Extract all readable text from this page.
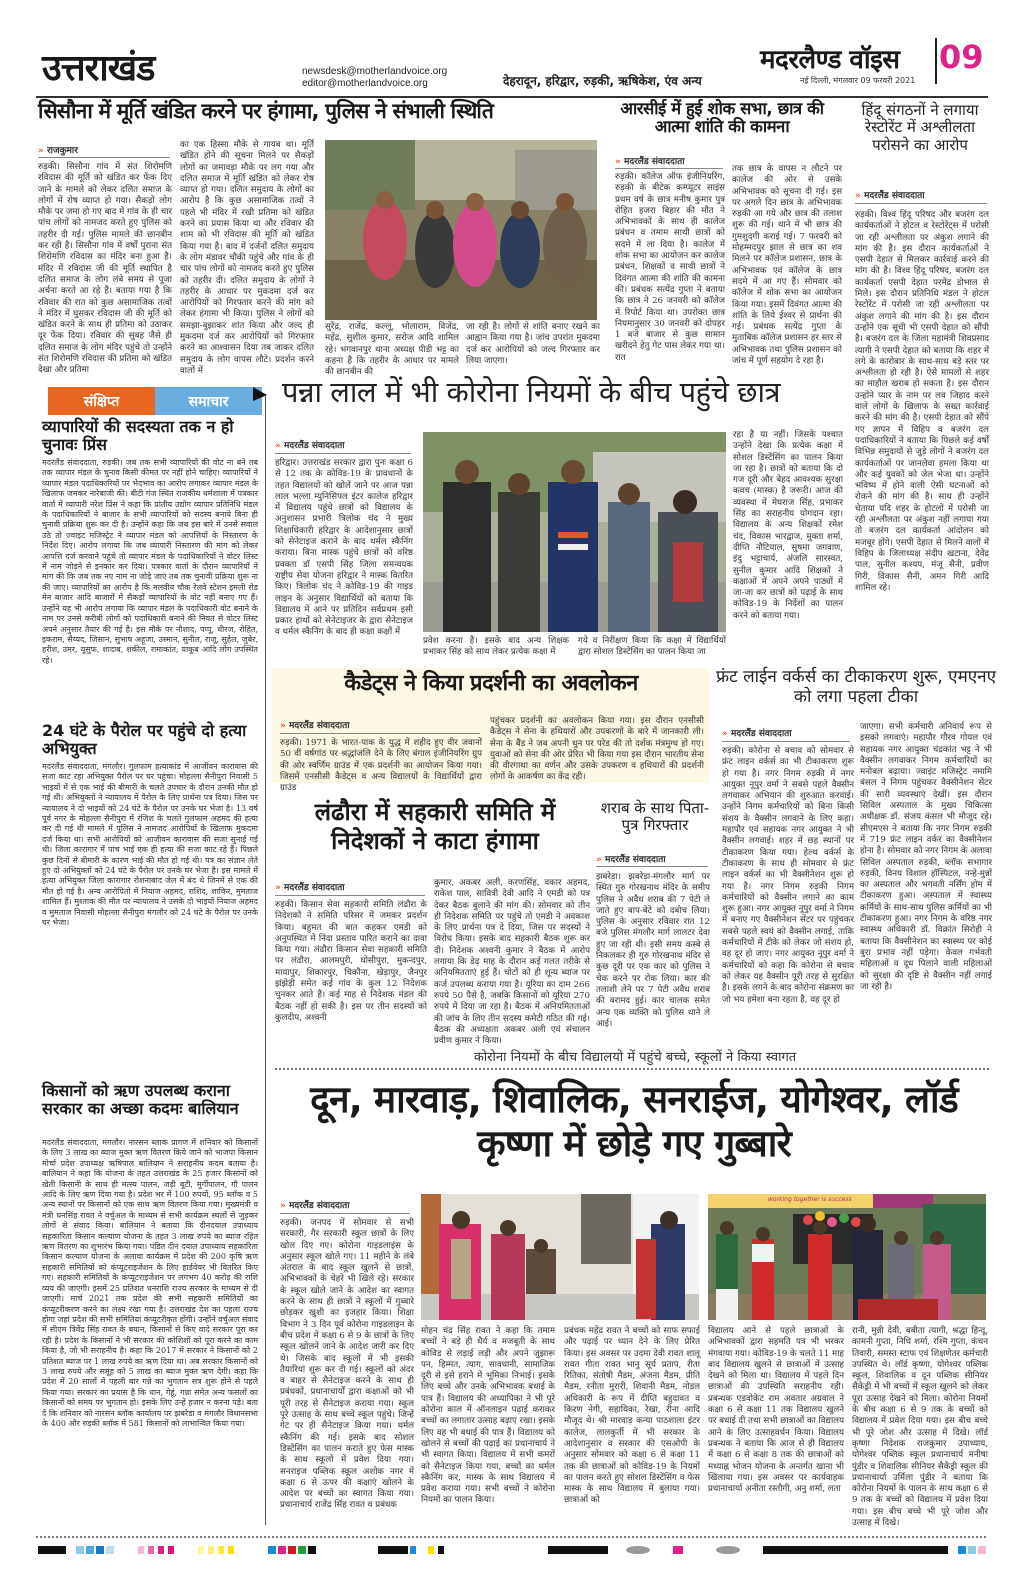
उत्तराखंड	newsdesk@motherlandvoice.org
editor@motherlandvoice.org	देहरादून, हरिद्वार, रुड़की, ऋषिकेश, एंव अन्य
मदरलैण्ड वॉइस
नई दिल्ली, मंगलवार 09 फरवरी 2021
09
सिसौना में मूर्ति खंडित करने पर हंगामा, पुलिस ने संभाली स्थिति
» राजकुमार
रुड़की। सिसौना गांव में संत शिरोमणि रविदास की मूर्ति को खंडित कर फेंक दिए जाने के मामले को लेकर दलित समाज के लोगों में रोष व्याप्त हो गया। सैकड़ों लोग मौके पर जमा हो गए बाद में गांव के ही चार पांच लोगों को नामजद करते हुए पुलिस को तहरीर दी गई। पुलिस मामले की छानबीन कर रही है। सिसौना गांव में वर्षों पुराना संत शिरोमणि रविदास का मंदिर बना हुआ है। मंदिर में रविदास जी की मूर्ति स्थापित है दलित समाज के लोग लंबे समय से पूजा अर्चना करते आ रहे हैं। बताया गया है कि रविवार की रात को कुछ असामाजिक तत्वों ने मंदिर में घुसकर रविदास जी की मूर्ति को खंडित करने के साथ ही प्रतिमा को उठाकर दूर फेंक दिया। रविवार की सुबह जैसे ही दलित समाज के लोग मंदिर पहुंचे तो उन्होंने संत शिरोमणि रविदास की प्रतिमा को खंडित देखा और प्रतिमा
का एक हिस्सा मौके से गायब था। मूर्ति खंडित होने की सूचना मिलने पर सैकड़ों लोगों का जमावड़ा मौके पर लग गया और दलित समाज में मूर्ति खंडित को लेकर रोष व्याप्त हो गया। दलित समुदाय के लोगों का आरोप है कि कुछ असामाजिक तत्वों ने पहले भी मंदिर में रखी प्रतिमा को खंडित करने का प्रयास किया था और रविवार की शाम को भी रविदास की मूर्ति को खंडित किया गया है। बाद में दर्जनों दलित समुदाय के लोग मंडावर चौकी पहुंचे और गांव के ही चार पांच लोगों को नामजद करते हुए पुलिस को तहरीर दी। दलित समुदाय के लोगों ने तहरीर के आधार पर मुकदमा दर्ज कर आरोपियों को गिरफ्तार करने की मांग को लेकर हंगामा भी किया। पुलिस ने लोगों को समझा-बुझाकर शांत किया और जल्द ही मुकदमा दर्ज कर आरोपियों को गिरफ्तार करने का आश्वासन दिया तब जाकर दलित समुदाय के लोग वापस लौटे। प्रदर्शन करने वालों में
सुरेंद्र, राजेंद्र, कल्लू, भोलाराम, विजेंद्र, महेंद्र, सुशील कुमार, सरोज आदि शामिल रहे। भगवानपुर थाना अध्यक्ष पीडी भट्ट का कहना है कि तहरीर के आधार पर मामले की छानबीन की
जा रही है। लोगों से शांति बनाए रखने का आह्वान किया गया है। जांच उपरांत मुकदमा दर्ज कर आरोपियों को जल्द गिरफ्तार कर लिया जाएगा।
आरसीई में हुई शोक सभा, छात्र की आत्मा शांति की कामना
» मदरलैंड संवाददाता
रुड़की। कॉलेज ऑफ इंजीनियरिंग, रुड़की के बीटेक कम्प्यूटर साइंस प्रथम वर्ष के छात्र मनीष कुमार पुत्र रोहित हजरा बिहार की मौत ने अभिभावकों के साथ ही कालेज प्रबंधन व तमाम साथी छात्रों को सदमे में ला दिया है। कालेज में शोक सभा का आयोजन कर कालेज प्रबंधन, शिक्षकों व साथी छात्रों ने दिवंगत आत्मा की शांति की कामना की। प्रबंधक सत्येंद्र गुप्ता ने बताया कि छात्र ने 26 जनवरी को कॉलेज में रिपोर्ट किया था। उपरोक्त छात्र नियमानुसार 30 जनवरी को दोपहर 1 बजे बाजार से कुछ सामान खरीदने हेतु गेट पास लेकर गया था। रात
तक छात्र के वापस न लौटने पर कालेज की ओर से उसके अभिभावक को सूचना दी गई। इस पर अगले दिन छात्र के अभिभावक रुड़की आ गये और छात्र की तलाश शुरू की गई। थाने में भी छात्र की गुमशुदगी कराई गई। 7 फरवरी को मोहम्मदपुर झाल से छात्र का शव मिलने पर कॉलेज प्रशासन, छात्र के अभिभावक एवं कॉलेज के छात्र सदमे में आ गए हैं। सोमवार को कॉलेज में शोक सभा का आयोजन किया गया। इसमें दिवंगत आत्मा की शांति के लिये ईश्वर से प्रार्थना की गई। प्रबंधक सत्येंद्र गुप्ता के मुताबिक कॉलेज प्रशासन हर स्तर से अभिभावक तथा पुलिस प्रशासन को जांच में पूर्ण सहयोग दे रहा है।
हिंदू संगठनों ने लगाया रेस्टोरेंट में अश्लीलता परोसने का आरोप
» मदरलैंड संवाददाता
रुड़की। विश्व हिंदू परिषद और बजरंग दल कार्यकर्ताओं ने होटल व रेस्टोरेंट्स में परोसी जा रही अश्लीलता पर अंकुश लगाने की मांग की है। इस दौरान कार्यकर्ताओं ने एसपी देहात से मिलकर कार्रवाई करने की मांग की है। विश्व हिंदू परिषद, बजरंग दल कार्यकर्ता एसपी देहात परमेंद्र डोभाल से मिले। इस दौरान प्रतिनिधि मंडल ने होटल रेस्टोरेंट में परोसी जा रही अश्लीलता पर अंकुश लगाने की मांग की है। इस दौरान उन्होंने एक सूची भी एसपी देहात को सौंपी है। बजरंग दल के जिला महामंत्री शिवप्रसाद त्यागी ने एसपी देहात को बताया कि शहर में लगे के कारोबार के साथ-साथ बड़े स्तर पर अश्लीलता हो रही है। ऐसे मामलों से शहर का माहौल खराब हो सकता है। इस दौरान उन्होंने प्यार के नाम पर लव जिहाद करने वाले लोगों के खिलाफ के सख्त कार्रवाई करने की मांग की है। एसपी देहात को सौंपे गए ज्ञापन में विहिप व बजरंग दल पदाधिकारियों ने बताया कि पिछले कई वर्षों विभिन्न समुदायों से जुड़े लोगों ने बजरंग दल कार्यकर्ताओं पर जानलेवा हमला किया था और कई युवकों को जेल भेजा था। उन्होंने भविष्य में होने वाली ऐसी घटनाओं को रोकने की मांग की है। साथ ही उन्होंने चेताया यदि शहर के होटलों में परोसी जा रही अश्लीलता पर अंकुश नहीं लगाया गया तो बजरंग दल कार्यकर्ता आंदोलन को मजबूर होंगे। एसपी देहात से मिलने वालों में विहिप के जिलाध्यक्ष संदीप खटाना, देवेंद्र पाल, सुनील कश्यप, मंजू सैनी, प्रवीण गिरी, विकास सैनी, अमन गिरी आदि शामिल रहे।
संक्षिप्त	समाचार
व्यापारियों की सदस्यता तक न हो चुनावः प्रिंस
मदरलैंड संवाददाता, रुड़की। जब तक सभी व्यापारियों की वोट ना बने तब तक व्यापार मंडल के चुनाव किसी कीमत पर नहीं होने चाहिए। व्यापारियों ने व्यापार मंडल पदाधिकारियों पर भेदभाव का आरोप लगाकर व्यापार मंडल के खिलाफ जमकर नारेबाजी की। बीटी गंज स्थित राजकीय धर्मशाला में पत्रकार वार्ता में व्यापारी नरेश प्रिंस ने कहा कि प्रांतीय उद्योग व्यापार प्रतिनिधि मंडल के पदाधिकारियों ने बाजार के सभी व्यापारियों को सदस्य बनाये बिना ही चुनावी प्रक्रिया शुरू कर दी है। उन्होंने कहा कि जब इस बारे में उनसे सवाल उठे तो ज्वाइंट मजिस्ट्रेट ने व्यापार मंडल को आपत्तियों के निस्तारण के निर्देश दिए। आरोप लगाया कि जब व्यापारी निस्तारण की मांग को लेकर आपत्ति दर्ज करवाने पहुंचे तो व्यापार मंडल के पदाधिकारियों ने वोटर लिस्ट में नाम जोड़ने से इनकार कर दिया। पत्रकार वार्ता के दौरान व्यापारियों ने मांग की कि जब तक नए नाम ना जोड़े जाएं तब तक चुनावी प्रक्रिया शुरू ना की जाए। व्यापारियों का आरोप है कि मलवीय चौक रेलवे स्टेशन इमली रोड मेन बाजार आदि बाजारों में सैकड़ों व्यापारियों के वोट नहीं बनाए गए हैं। उन्होंने यह भी आरोप लगाया कि व्यापार मंडल के पदाधिकारी वोट बनाने के नाम पर उनसे करीबी लोगों को पदाधिकारी बनाने की नियत से वोटर लिस्ट अपने अनुसार तैयार की गई है। इस मौके पर नौशाद, पप्पू, धीरज, रोहित, इकराम, सैय्यद, जिसान, सुभाष अहूजा, उस्मान, सुनील, राजू, सुहेल, जुबेर, हरीश, उमर, यूसुफ, शादाब, शकील, रामाकांत, याकूब आदि लोग उपस्थित रहे।
24 घंटे के पैरोल पर पहुंचे दो हत्या अभियुक्त
मदरलैंड संवाददाता, मंगलौर। गुलफाम हत्याकांड में आजीवन कारावास की सजा काट रहा अभियुक्त पैरोल पर घर पहुंचा। मोहल्ला सैनीपुरा निवासी 5 भाइयों में से एक भाई की बीमारी के चलते उपचार के दौरान उनकी मौत हो गई थी। अभियुक्तों ने न्यायालय में पैरोल के लिए प्रार्थना पत्र दिया। जिस पर न्यायालय ने दो भाइयों को 24 घंटे के पैरोल पर उनके घर भेजा है। 13 वर्ष पूर्व नगर के मोहल्ला सैनीपुरा में रंजिश के चलते गुलफाम अहमद की हत्या कर दी गई थी मामले में पुलिस ने नामजद आरोपियों के खिलाफ मुकदमा दर्ज किया था। सभी आरोपियों को आजीवन कारावास की सजा सुनाई गई थी। जिला कारागार में पांच भाई एक ही हत्या की सजा काट रहे हैं। पिछले कुछ दिनों से बीमारी के कारण भाई की मौत हो गई थी। पत्र का संज्ञान लेते हुए दो अभियुक्तों को 24 घंटे के पैरोल पर उनके घर भेजा है। इस मामले में हत्या अभियुक्त जिला कारागार रोशनाबाद जेल में बंद थे जिनमें से एक की मौत हो गई है। अन्य आरोपितो में नियाज अहमद, राशिद, शाकिर, मुमताज शामिल हैं। मुश्ताक की मौत पर न्यायालय ने उसके दो भाइयों नियाज अहमद व मुमताज निवासी मोहल्ला सैनीपुरा मंगलौर को 24 घंटे के पैरोल पर उनके घर भेजा।
किसानों को ऋण उपलब्ध कराना सरकार का अच्छा कदमः बालियान
मदरलैंड संवाददाता, मंगलौर। नारसन ब्लाक प्रागण में शनिवार को किसानों के लिए 3 लाख का ब्याज मुक्त ऋण वितरण किये जाने को भाजपा किसान मोर्चा प्रदेश उपाध्यक्ष ऋषिपाल बालियान ने सराहनीय कदम बताया है। बालियान ने कहा कि योजना के तहत उत्तराखंड के 25 हजार किसानों को खेती किसानी के साथ ही मत्स्य पालन, जड़ी बूटी, मुर्गीपालन, गौ पालन आदि के लिए ऋण दिया गया है। प्रदेश भर में 100 रुपयों, 95 ब्लॉक व 5 अन्य स्थानों पर किसानों को एक साथ ऋण वितरण किया गया। मुख्यमंत्री व मंत्री धनसिंह रावत ने वर्चुअल के माध्यम से सभी कार्यक्रम स्थलों से जुड़कर लोगों से संवाद किया। बालियान ने बताया कि दीनदयाल उपाध्याय सहकारिता किसान कल्याण योजना के तहत 3 लाख रुपये का ब्याज रहित ऋण वितरण का शुभारंभ किया गया। पंडित दीन दयाल उपाध्याय सहकारिता किसान कल्याण योजना के अलावा कार्यक्रम में प्रदेश की 200 कृषि ऋण सहकारी समितियों को कंप्यूटराइजेशन के लिए हार्डवेयर भी वितरित किए गए। सहकारी समितियों के कंप्यूटराइजेशन पर लगभग 40 करोड़ की राशि व्यय की जाएगी। इसमें 25 प्रतिशत धनराशि राज्य सरकार के माध्यम से दी जाएगी। मार्च 2021 तक प्रदेश की सभी सहकारी समितियों का कंप्यूटरीकरण करने का लक्ष्य रखा गया है। उत्तराखंड देश का पहला राज्य होगा जहां प्रदेश की सभी समितियां कंप्यूटरीकृत होंगी। उन्होंने वर्चुअल संवाद में सीएम त्रिवेंद्र सिंह रावत के बयान, किसानों से किए वादे सरकार पूरा कर रही है। प्रदेश के किसानों ने भी सरकार की कोशिशों को पूरा करने का काम किया है, जो भी सराहनीय है। कहा कि 2017 में सरकार ने किसानों को 2 प्रतिशत ब्याज पर 1 लाख रुपये का ऋण दिया था। अब सरकार किसानों को 3 लाख रुपये और समूह को 5 लाख का ब्याज मुक्त ऋण देगी। कहा कि प्रदेश में 20 सालों में पहली बार गन्ने का भुगतान सत्र शुरू होने से पहले किया गया। सरकार का प्रयास है कि धान, गेहूं, गन्ना समेत अन्य फसलों का किसानों को समय पर भुगतान हो। इसके लिए उन्हें हजार न करना पड़े। बता दें कि शनिवार को नारसन ब्लॉक कार्यालय पर झबरेडा व मंगलौर विधानसभा के 400 और रुड़की ब्लॉक में 581 किसानों को लाभान्वित किया गया।
पन्ना लाल में भी कोरोना नियमों के बीच पहुंचे छात्र
» मदरलैंड संवाददाता
हरिद्वार। उत्तराखंड सरकार द्वारा पुनः कक्षा 6 से 12 तक के कोविड-19 के प्रावधानों के तहत विद्यालयों को खोलें जाने पर आज पन्ना लाल भल्ला म्युनिसिपल इंटर कालेज हरिद्वार में विद्यालय पहुंचे छात्रों को विद्यालय के अनुशासन प्रभारी त्रिलोक चंद ने मुख्य शिक्षाधिकारी हरिद्वार के आदेशानुसार छात्रों को सेनेटाइज कराने के बाद थर्मल स्कैनिंग कराया। बिना मास्क पहुंचे छात्रों को वरिष्ठ प्रवक्ता डॉ एसपी सिंह जिला समन्वयक राष्ट्रीय सेवा योजना हरिद्वार ने मास्क वितरित किए। त्रिलोक चंद ने कोविड-19 की गाइड लाइन के अनुसार विद्यार्थियों को बताया कि विद्यालय में आने पर प्रतिदिन सर्वप्रथम इसी प्रकार हाथों को सेनेटाइजर के द्वारा सेनेटाइज व थर्मल स्कैनिंग के बाद ही कक्षा कक्षों में
प्रवेश करना है। इसके बाद अन्य शिक्षक प्रभाकर सिंह को साथ लेकर प्रत्येक कक्षा में
गये व निरीक्षण किया कि कक्षा में विद्यार्थियों द्वारा सोशल डिस्टेंसिंग का पालन किया जा
रहा है या नहीं। जिसके पश्चात उन्होंने देखा कि प्रत्येक कक्षा में सोशल डिस्टेंसिंग का पालन किया जा रहा है। छात्रों को बताया कि दो गज दूरी और बेहद आवश्यक सुरक्षा कवच (मास्क) है जरूरी। आज की व्यवस्था में मेघराज सिंह, प्रभाकर सिंह का सराहनीय योगदान रहा। विद्यालय के अन्य शिक्षकों रमेश चंद, विकास भारद्वाज, मुक्ता शर्मा, दीप्ति नौटियाल, सुषमा जगवाण, इंदु भट्टाचार्य, अंजलि सारस्वत, सुनील कुमार आदि शिक्षकों ने कक्षाओं में अपने अपने पाठ्यों में जा-जा कर छात्रों को पढ़ाई के साथ कोविड-19 के निर्देशों का पालन करने को बताया गया।
कैडेट्स ने किया प्रदर्शनी का अवलोकन
» मदरलैंड संवाददाता
रुड़की। 1971 के भारत-पाक के युद्ध में शहीद हुए वीर जवानों 50 वीं वर्षगांठ पर श्रद्धांजलि देने के लिए बंगाल इंजीनियरिंग ग्रुप की ओर स्वर्णिम ग्राउंड में एक प्रदर्शनी का आयोजन किया गया। जिसमें एनसीसी कैडेट्स व अन्य विद्यालयों के विद्यार्थियों द्वारा ग्राउंड
पहुंचकर प्रदर्शनी का अवलोकन किया गया। इस दौरान एनसीसी कैडेट्स ने सेना के हथियारों और उपकरणों के बारे में जानकारी ली। सेना के बैंड ने जब अपनी धुन पर परेड की तो दर्शक मंत्रमुग्ध हो गए। युवाओं को सेना की ओर प्रेरित भी किया गया इस दौरान भारतीय सेना की वीरगाथा का वर्णन और उसके उपकरण व हथियारों की प्रदर्शनी लोगों के आकर्षण का केंद्र रही।
फ्रंट लाईन वर्कर्स का टीकाकरण शुरू, एमएनए को लगा पहला टीका
» मदरलैंड संवाददाता
रुड़की। कोरोना से बचाव को सोमवार से फ्रंट लाइन वर्कर्स का भी टीकाकरण शुरू हो गया है। नगर निगम रुड़की में नगर आयुक्त नूपुर वर्मा ने सबसे पहले वैक्सीन लगवाकर अभियान की शुरुआत करवाई। उन्होंने निगम कर्मचारियों को बिना किसी संशय के वैक्सीन लगवाने के लिए कहा। महापौर एवं सहायक नगर आयुक्त ने भी वैक्सीन लगवाई। शहर में छह स्थानों पर टीकाकरण किया गया। हेल्थ वर्कर्स के टीकाकरण के साथ ही सोमवार से फ्रंट लाइन वर्कर्स का भी वैक्सीनेशन शुरू हो गया है। नगर निगम रुड़की निगम कर्मचारियों को वैक्सीन लगाने का काम शुरू हुआ। नगर आयुक्त नूपुर वर्मा ने निगम में बनाए गए वैक्सीनेशन सेंटर पर पहुंचकर सबसे पहले स्वयं को वैक्सीन लगाई, ताकि कर्मचारियों में टीके को लेकर जो संशय हो, वह दूर हो जाए। नगर आयुक्त नूपुर वर्मा ने कर्मचारियों को कहा कि कोरोना से बचाव को लेकर यह वैक्सीन पूरी तरह से सुरक्षित है। इसके लगने के बाद कोरोना संक्रमण का जो भय हमेशा बना रहता है, वह दूर हो
जाएगा। सभी कर्मचारी अनिवार्य रूप से इसको लगवाएं। महापौर गौरव गोयल एवं सहायक नगर आयुक्त चंद्रकांत भट्ट ने भी वैक्सीन लगवाकर निगम कर्मचारियों का मनोबल बढ़ाया। ज्वाइंट मजिस्ट्रेट नमामि बंसल ने निगम पहुंचकर वैक्सीनेशन सेंटर की सारी व्यवस्थाएं देखीं। इस दौरान सिविल अस्पताल के मुख्य चिकित्सा अधीक्षक डॉ. संजय कंसल भी मौजूद रहे। सीएमएस ने बताया कि नगर निगम रुड़की में 719 फ्रंट लाइन वर्कर का वैक्सीनेशन होना है। सोमवार को नगर निगम के अलावा सिविल अस्पताल रुड़की, ब्लॉक सभागार रुड़की, विनय विशाल हॉस्पिटल, नन्हे-मुन्नों का अस्पताल और भगवती नर्सिंग होम में टीकाकरण हुआ। अस्पताल में स्वास्थ्य कर्मियों के साथ-साथ पुलिस कर्मियों का भी टीकाकरण हुआ। नगर निगम के वरिष्ठ नगर स्वास्थ्य अधिकारी डॉ. विक्रांत सिरोही ने बताया कि वैक्सीनेशन का स्वास्थ्य पर कोई बुरा प्रभाव नहीं पड़ेगा। केवल गर्भवती महिलाओं व दूध पिलाने वाली महिलाओं को सुरक्षा की दृष्टि से वैक्सीन नहीं लगाई जा रही है।
लंढौरा में सहकारी समिति में निदेशकों ने काटा हंगामा
» मदरलैंड संवाददाता
रुड़की। किसान सेवा सहकारी समिति लंढौरा के निदेशकों ने समिति परिसर में जमकर प्रदर्शन किया। बहुमत की बात कहकर एमडी को अनुपस्थित में निंदा प्रस्ताव पारित कराने का दावा किया गया। लंढौरा किसान सेवा सहकारी समिति पर लंढौरा, आलमपुरी, घोसीपुरा, मुकन्दपुर, मायापुर, शिकारपुर, चिकौना, खेड़ापुर, जैनपुर झंझेड़ी समेत कई गांव के कुल 12 निदेशक चुनकर आते हैं। कई माह से निदेशक मंडल की बैठक नहीं हो सकी है। इस पर तीन सदस्यों को कुलदीप, अश्वनी
कुमार, अकबर अली, करणसिंह, वकार अहमद, राकेश पाल, सावित्री देवी आदि ने एमडी को पत्र देकर बैठक बुलाने की मांग की। सोमवार को तीन ही निदेशक समिति पर पहुंचे तो एमडी ने अवकाश के लिए प्रार्थना पत्र दे दिया, जिस पर सदस्यों ने विरोध किया। इसके बाद सहकारी बैठक शुरू कर दी। निदेशक अश्वनी कुमार ने बैठक में आरोप लगाया कि डेढ़ माह के दौरान कई गलत तरीके से अनियमितताएं हुई हैं। चोटों को ही शून्य ब्याज पर कर्ज उपलब्ध कराया गया है। यूरिया का दाम 266 रुपये 50 पैसे है, जबकि किसानों को यूरिया 270 रुपये में दिया जा रहा है। बैठक में अनियमितताओं की जांच के लिए तीन सदस्य कमेटी गठित की गई। बैठक की अध्यक्षता अकबर अली एवं संचालन प्रवीण कुमार ने किया।
शराब के साथ पिता-पुत्र गिरफ्तार
» मदरलैंड संवाददाता
झबरेड़ा। झबरेड़ा-मंगलौर मार्ग पर स्थित गुरु गोरखनाथ मंदिर के समीप पुलिस ने अवैध शराब की 7 पेटी ले जाते हुए बाप-बेटे को दबोच लिया। पुलिस के अनुसार रविवार रात 12 बजे पुलिस मंगलौर मार्ग लालटर देवा हुए जा रही थी। इसी समय कस्बे से निकलकर ही गुरु गोरखनाथ मंदिर से कुछ दूरी पर एक कार को पुलिस ने चेक करने पर रोक लिया। कार की तलाशी लेने पर 7 पेटी अवैध शराब की बरामद हुई। कार चालक समेत अन्य एक व्यक्ति को पुलिस थाने ले आई।
कोरोना नियमों के बीच विद्यालयो में पहुंचे बच्चे, स्कूलों ने किया स्वागत
दून, मारवाड़, शिवालिक, सनराईज, योगेश्वर, लॉर्ड कृष्णा में छोड़े गए गुब्बारे
» मदरलैंड संवाददाता
रुड़की। जनपद में सोमवार से सभी सरकारी, गैर सरकारी स्कूल छात्रों के लिए खोल दिए गए। कोरोना गाइडलाइंस के अनुसार स्कूल खोले गए। 11 महीने के लंबे अंतराल के बाद स्कूल खुलने से छात्रों, अभिभावकों के चेहरे भी खिले रहे। सरकार के स्कूल खोले जाने के आदेश का स्वागत करने के साथ ही छात्रों ने स्कूलों में गुब्बारे छोड़कर खुशी का इजहार किया। शिक्षा विभाग ने 3 दिन पूर्व कोरोना गाइडलाइन के बीच प्रदेश में कक्षा 6 से 9 के छात्रों के लिए स्कूल खोलने जाने के आदेश जारी कर दिए थे। जिसके बाद स्कूलों में भी इसकी तैयारियां शुरू कर दी गई। स्कूलों को अंदर व बाहर से सैनेटाइज करने के साथ ही प्रबंधकों, प्रधानाचार्यों द्वारा कक्षाओं को भी पूरी तरह से सैनेटाइज कराया गया। स्कूल पूरे उत्साह के साथ बच्चे स्कूल पहुंचे। जिन्हें गेट पर ही सैनेटाइज किया गया। थर्मल स्कैनिंग की गई। इसके बाद सोशल डिस्टेंसिंग का पालन कराते हुए फेस मास्क के साथ स्कूलों में प्रवेश दिया गया। सनराइज पब्लिक स्कूल अशोक नगर में कक्षा 6 से ऊपर की कक्षाएं खोलने के आदेश पर बच्चों का स्वागत किया गया। प्रधानाचार्य राजेंद्र सिंह रावत व प्रबंधक
working together is success
मोहन चंद्र सिंह रावत ने कहा कि तमाम बच्चों ने बड़े ही धैर्य व मजबूती के साथ कोविड से लड़ाई लड़ी और अपने जुझारू पन, हिम्मत, त्याग, सावधानी, सामाजिक दूरी से इसे हराने में भूमिका निभाई। इसके लिए बच्चे और उनके अभिभावक बधाई के पात्र हैं। विद्यालय की अध्यापिका ने भी पूरे कोरोना काल में ऑनलाइन पढ़ाई कराकर बच्चों का लगातार उत्साह बढ़ाए रखा। इसके लिए वह भी बधाई की पात्र हैं। विद्यालय को खोलने से बच्चों की पढ़ाई का प्रधानाचार्य ने भी स्वागत किया। विद्यालय में सभी कमरों को सैनेटाइज किया गया, बच्चों का थर्मल स्कैनिंग कर, मास्क के साथ विद्यालय में प्रवेश कराया गया। सभी बच्चों ने कोरोना नियमों का पालन किया।
प्रबंधक महेंद्र रावत ने बच्चों को साफ सफाई और पढ़ाई पर ध्यान देने के लिए प्रेरित किया। इस अवसर पर उदमा देवी रावत शालू रावत गीता रावत भानु सूर्य प्रताप, रीता रितिका, संतोषी मैडम, अंजना मैडम, प्रीति मैडम, रनीता मुरारी, शिवानी मैडम, नोडल अधिकारी के रूप में दीप्ति बहुदावत व किरण नेगी, सहायिका, रेखा, रीना आदि मौजूद थे। श्री मारवाड़ कन्या पाठशाला इंटर कालेज, लालकुर्ती में भी सरकार के आदेशानुसार व सरकार की एसओपी के अनुसार सोमवार को कक्षा 6 से कक्षा 11 तक की छात्राओं को कोविड-19 के नियमों का पालन करते हुए सोशल डिस्टेंसिंग व फेस मास्क के साथ विद्यालय में बुलाया गया। छात्राओं को
विद्यालय आने से पहले छात्राओं के अभिभावकों द्वारा सहमति पत्र भी भरकर मंगवाया गया। कोविड-19 के चलते 11 माह बाद विद्यालय खुलने से छात्राओं में उत्साह देखने को मिला था। विद्यालय में पहले दिन छात्राओं की उपस्थिति सराहनीय रही। प्रबन्धक एडवोकेट राम अवतार अग्रवाल ने कक्षा 6 से कक्षा 11 तक विद्यालय खुलने पर बधाई दी तथा सभी छात्राओं का विद्यालय आने के लिए उत्साहवर्धन किया। विद्यालय प्रबन्धक ने बताया कि आज से ही विद्यालय में कक्षा 6 से कक्षा 8 तक की छात्राओं को मध्याह्न भोजन योजना के अन्तर्गत खाना भी खिलाया गया। इस अवसर पर कार्यवाहक प्रधानाचार्या अनीता रस्तौगी, अनु शर्मा, लता
रानी, मुन्नी देवी, बबीता त्यागी, श्रद्धा हिन्दू, कामनी गुप्ता, निधि शर्मा, रश्मि गुप्ता, कंचन तिवारी, समस्त स्टाफ एवं शिक्षणेतर कर्मचारी उपस्थित थे। लॉर्ड कृष्णा, योगेश्वर पब्लिक स्कूल, शिवालिक व दून पब्लिक सीनियर सैकेंड्री में भी बच्चों में स्कूल खुलने को लेकर पूरा उत्साह देखने को मिला। कोरोना नियमों के बीच कक्षा 6 से 9 तक के बच्चों को विद्यालय में प्रवेश दिया गया। इस बीच बच्चे भी पूरे जोश और उत्साह में दिखे। लॉर्ड कृष्णा निदेशक राजकुमार उपाध्याय, योगेश्वर पब्लिक स्कूल प्रधानाचार्य मनीषा पुंडीर व शिवालिक सीनियर सैकेंड्री स्कूल की प्रधानाचार्या उर्मिला पुंडीर ने बताया कि कोरोना नियमों के पालन के साथ कक्षा 6 से 9 तक के बच्चों को विद्यालय में प्रवेश दिया गया। इस बीच बच्चे भी पूरे जोश और उत्साह में दिखे।
